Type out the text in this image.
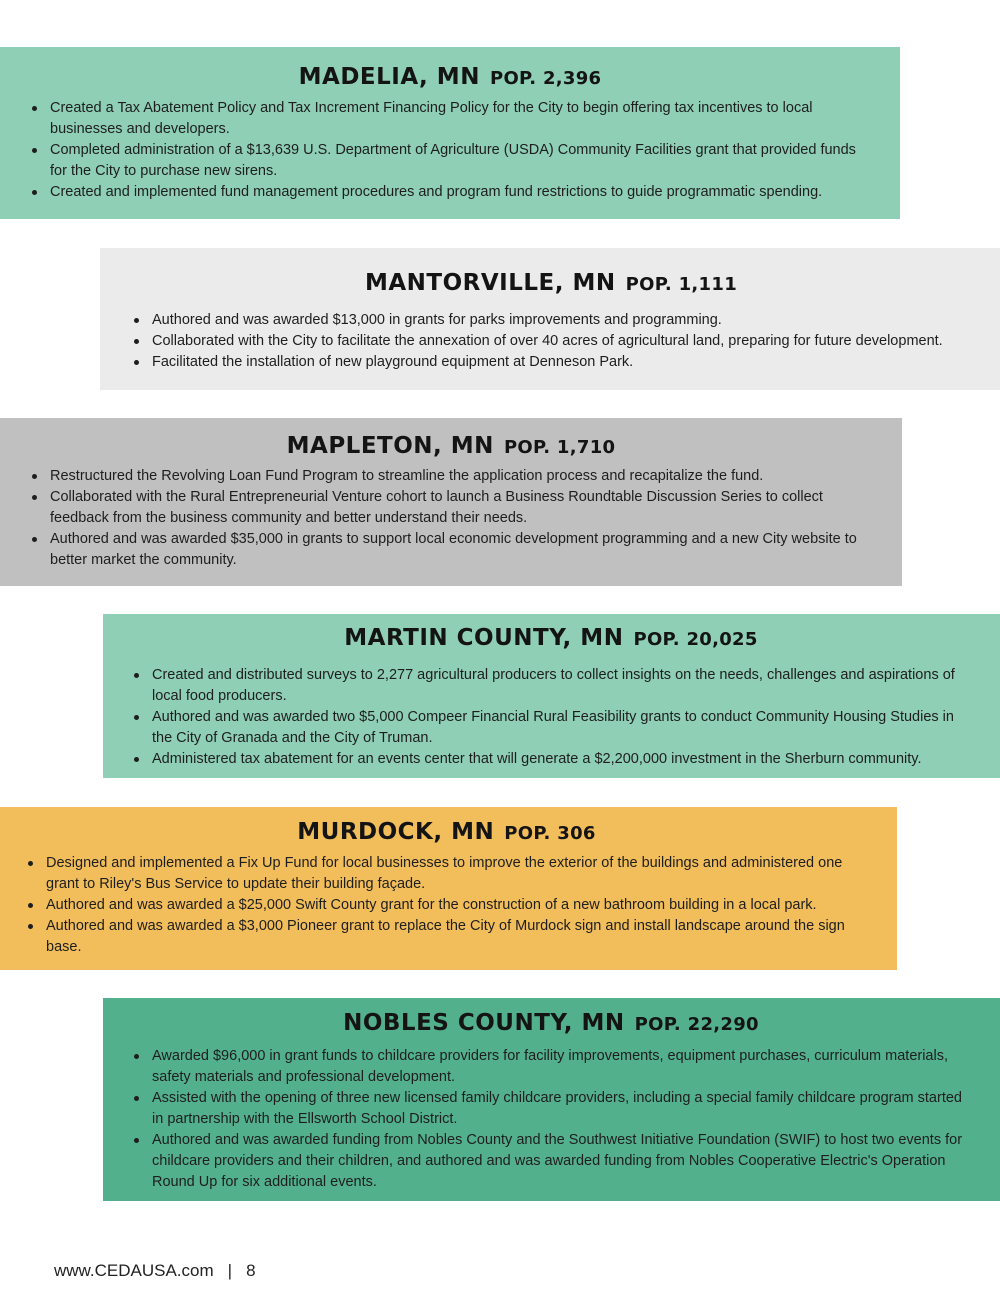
MADELIA, MN POP. 2,396
Created a Tax Abatement Policy and Tax Increment Financing Policy for the City to begin offering tax incentives to local businesses and developers.
Completed administration of a $13,639 U.S. Department of Agriculture (USDA) Community Facilities grant that provided funds for the City to purchase new sirens.
Created and implemented fund management procedures and program fund restrictions to guide programmatic spending.
MANTORVILLE, MN POP. 1,111
Authored and was awarded $13,000 in grants for parks improvements and programming.
Collaborated with the City to facilitate the annexation of over 40 acres of agricultural land, preparing for future development.
Facilitated the installation of new playground equipment at Denneson Park.
MAPLETON, MN POP. 1,710
Restructured the Revolving Loan Fund Program to streamline the application process and recapitalize the fund.
Collaborated with the Rural Entrepreneurial Venture cohort to launch a Business Roundtable Discussion Series to collect feedback from the business community and better understand their needs.
Authored and was awarded $35,000 in grants to support local economic development programming and a new City website to better market the community.
MARTIN COUNTY, MN POP. 20,025
Created and distributed surveys to 2,277 agricultural producers to collect insights on the needs, challenges and aspirations of local food producers.
Authored and was awarded two $5,000 Compeer Financial Rural Feasibility grants to conduct Community Housing Studies in the City of Granada and the City of Truman.
Administered tax abatement for an events center that will generate a $2,200,000 investment in the Sherburn community.
MURDOCK, MN POP. 306
Designed and implemented a Fix Up Fund for local businesses to improve the exterior of the buildings and administered one grant to Riley's Bus Service to update their building façade.
Authored and was awarded a $25,000 Swift County grant for the construction of a new bathroom building in a local park.
Authored and was awarded a $3,000 Pioneer grant to replace the City of Murdock sign and install landscape around the sign base.
NOBLES COUNTY, MN POP. 22,290
Awarded $96,000 in grant funds to childcare providers for facility improvements, equipment purchases, curriculum materials, safety materials and professional development.
Assisted with the opening of three new licensed family childcare providers, including a special family childcare program started in partnership with the Ellsworth School District.
Authored and was awarded funding from Nobles County and the Southwest Initiative Foundation (SWIF) to host two events for childcare providers and their children, and authored and was awarded funding from Nobles Cooperative Electric's Operation Round Up for six additional events.
www.CEDAUSA.com | 8
